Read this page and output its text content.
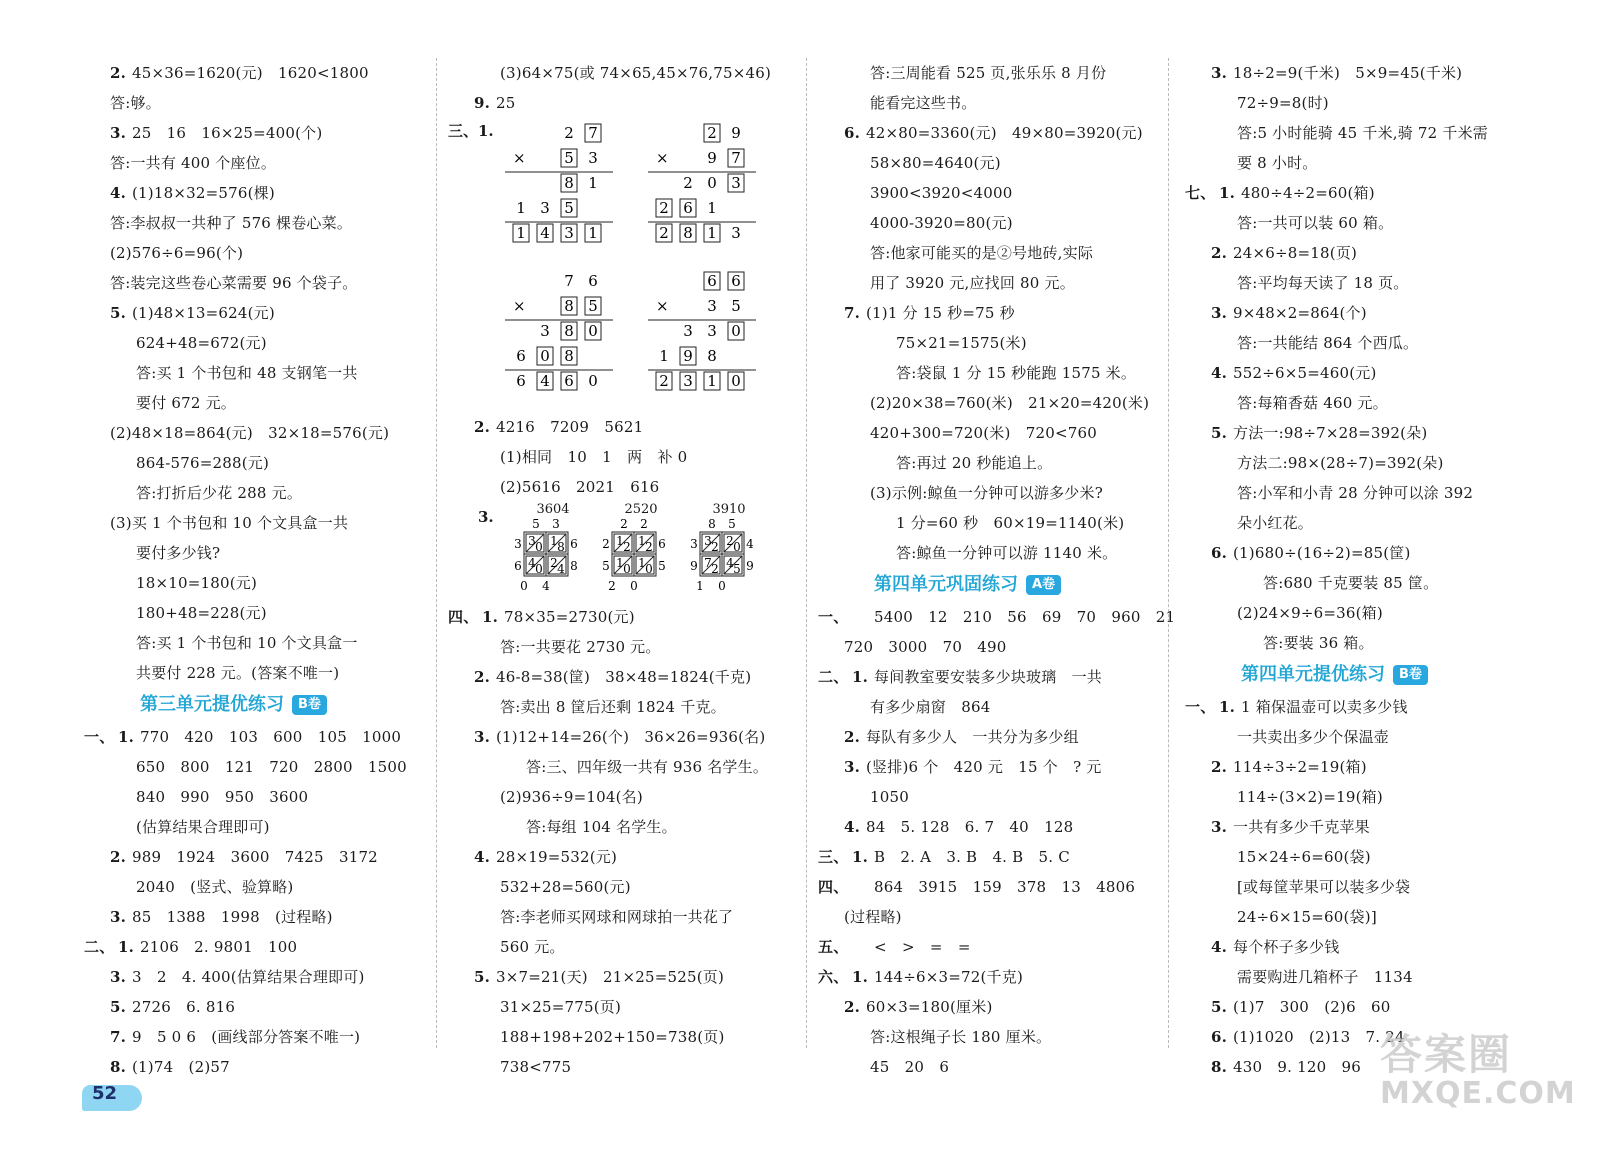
2. 45×36=1620(元)　1620<1800
答:够。
3. 25　16　16×25=400(个)
答:一共有 400 个座位。
4. (1)18×32=576(棵)
答:李叔叔一共种了 576 棵卷心菜。
(2)576÷6=96(个)
答:装完这些卷心菜需要 96 个袋子。
5. (1)48×13=624(元)
624+48=672(元)
答:买 1 个书包和 48 支钢笔一共
要付 672 元。
(2)48×18=864(元)　32×18=576(元)
864-576=288(元)
答:打折后少花 288 元。
(3)买 1 个书包和 10 个文具盒一共
要付多少钱?
18×10=180(元)
180+48=228(元)
答:买 1 个书包和 10 个文具盒一
共要付 228 元。(答案不唯一)
第三单元提优练习 B卷
一、 1. 770　420　103　600　105　1000
650　800　121　720　2800　1500
840　990　950　3600
(估算结果合理即可)
2. 989　1924　3600　7425　3172
2040　(竖式、验算略)
3. 85　1388　1998　(过程略)
二、 1. 2106　2. 9801　100
3. 3　2　4. 400(估算结果合理即可)
5. 2726　6. 816
7. 9　5 0 6　(画线部分答案不唯一)
8. (1)74　(2)57
(3)64×75(或 74×65,45×76,75×46)
9. 25
三、1.	2 7
×	5 3
8 1
1 3 5
1 4 3 1
2 9
×	9 7
2 0 3
2 6 1
2 8 1 3
7 6
×	8 5
3 8 0
6 0 8
6 4 6 0
6 6
×	3 5
3 3 0
1 9 8
2 3 1 0
2. 4216　7209　5621
(1)相同　10　1　两　补 0
(2)5616　2021　616
3.	3604	2520	3910
5 3
3 0 1 8
4 0 2 4
6
8
3
6
0 4
2 2
1 2 1 2
1 0 1 0
6
5
2
5
2 0
8 5
3 2 2 0
7 2 4 5
4
9
3
9
1 0
四、 1. 78×35=2730(元)
答:一共要花 2730 元。
2. 46-8=38(筐)　38×48=1824(千克)
答:卖出 8 筐后还剩 1824 千克。
3. (1)12+14=26(个)　36×26=936(名)
答:三、四年级一共有 936 名学生。
(2)936÷9=104(名)
答:每组 104 名学生。
4. 28×19=532(元)
532+28=560(元)
答:李老师买网球和网球拍一共花了
560 元。
5. 3×7=21(天)　21×25=525(页)
31×25=775(页)
188+198+202+150=738(页)
738<775
答:三周能看 525 页,张乐乐 8 月份
能看完这些书。
6. 42×80=3360(元)　49×80=3920(元)
58×80=4640(元)
3900<3920<4000
4000-3920=80(元)
答:他家可能买的是②号地砖,实际
用了 3920 元,应找回 80 元。
7. (1)1 分 15 秒=75 秒
75×21=1575(米)
答:袋鼠 1 分 15 秒能跑 1575 米。
(2)20×38=760(米)　21×20=420(米)
420+300=720(米)　720<760
答:再过 20 秒能追上。
(3)示例:鲸鱼一分钟可以游多少米?
1 分=60 秒　60×19=1140(米)
答:鲸鱼一分钟可以游 1140 米。
第四单元巩固练习 A卷
一、 5400　12　210　56　69　70　960　21
720　3000　70　490
二、 1. 每间教室要安装多少块玻璃　一共
有多少扇窗　864
2. 每队有多少人　一共分为多少组
3. (竖排)6 个　420 元　15 个　? 元
1050
4. 84　5. 128　6. 7　40　128
三、 1. B　2. A　3. B　4. B　5. C
四、 864　3915　159　378　13　4806
(过程略)
五、 <　>　=　=
六、 1. 144÷6×3=72(千克)
2. 60×3=180(厘米)
答:这根绳子长 180 厘米。
45　20　6
3. 18÷2=9(千米)　5×9=45(千米)
72÷9=8(时)
答:5 小时能骑 45 千米,骑 72 千米需
要 8 小时。
七、 1. 480÷4÷2=60(箱)
答:一共可以装 60 箱。
2. 24×6÷8=18(页)
答:平均每天读了 18 页。
3. 9×48×2=864(个)
答:一共能结 864 个西瓜。
4. 552÷6×5=460(元)
答:每箱香菇 460 元。
5. 方法一:98÷7×28=392(朵)
方法二:98×(28÷7)=392(朵)
答:小军和小青 28 分钟可以涂 392
朵小红花。
6. (1)680÷(16÷2)=85(筐)
答:680 千克要装 85 筐。
(2)24×9÷6=36(箱)
答:要装 36 箱。
第四单元提优练习 B卷
一、 1. 1 箱保温壶可以卖多少钱
一共卖出多少个保温壶
2. 114÷3÷2=19(箱)
114÷(3×2)=19(箱)
3. 一共有多少千克苹果
15×24÷6=60(袋)
[或每筐苹果可以装多少袋
24÷6×15=60(袋)]
4. 每个杯子多少钱
需要购进几箱杯子　1134
5. (1)7　300　(2)6　60
6. (1)1020　(2)13　7. 24
8. 430　9. 120　96
52
答案圈
MXQE.COM
